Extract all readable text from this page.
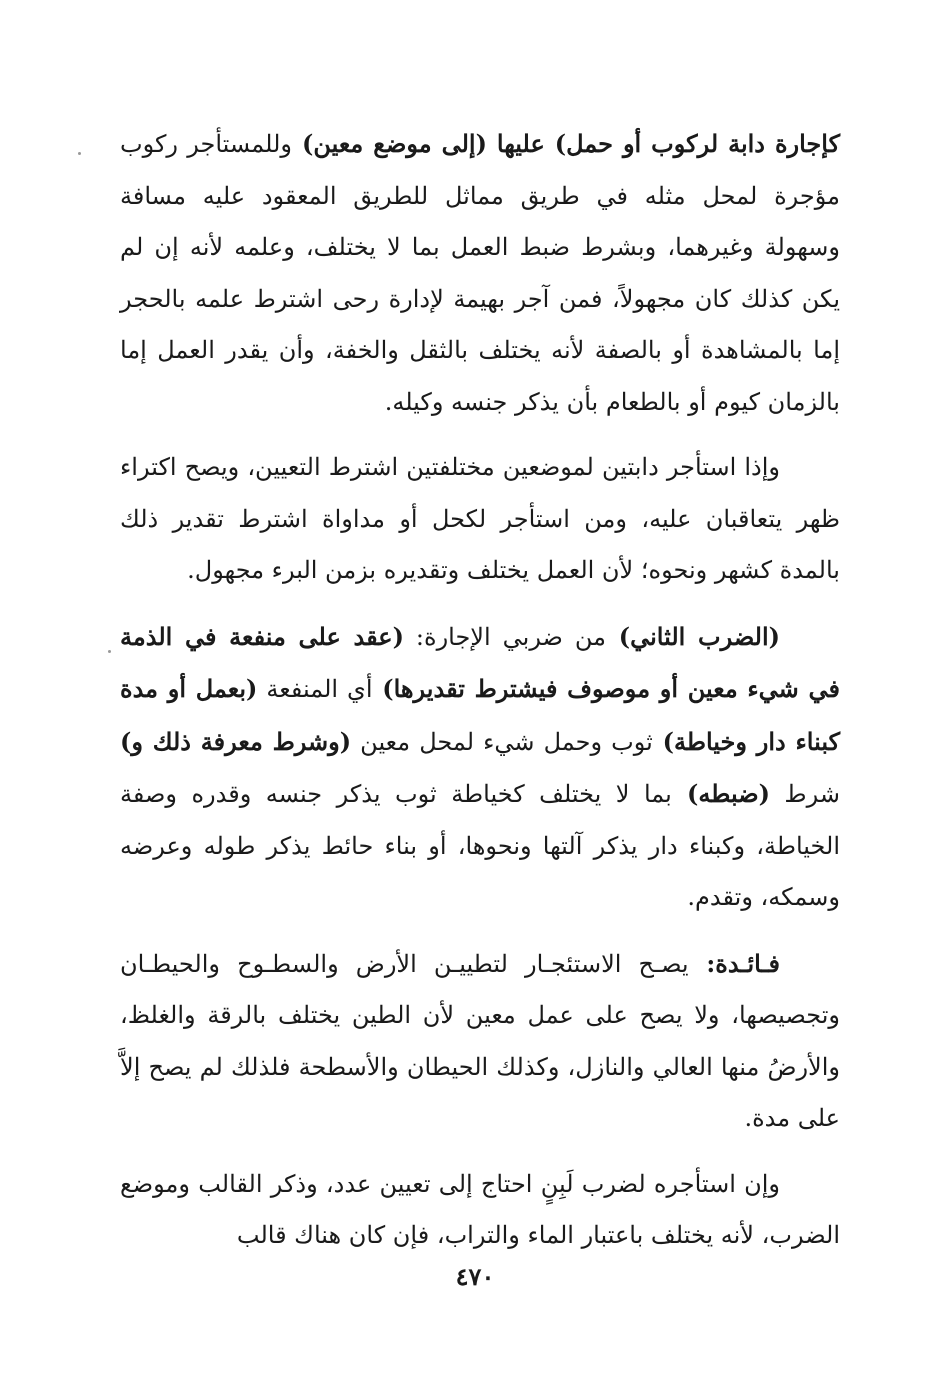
كإجارة دابة لركوب أو حمل) عليها (إلى موضع معين) وللمستأجر ركوب مؤجرة لمحل مثله في طريق مماثل للطريق المعقود عليه مسافة وسهولة وغيرهما، وبشرط ضبط العمل بما لا يختلف، وعلمه لأنه إن لم يكن كذلك كان مجهولاً، فمن آجر بهيمة لإدارة رحى اشترط علمه بالحجر إما بالمشاهدة أو بالصفة لأنه يختلف بالثقل والخفة، وأن يقدر العمل إما بالزمان كيوم أو بالطعام بأن يذكر جنسه وكيله.

وإذا استأجر دابتين لموضعين مختلفتين اشترط التعيين، ويصح اكتراء ظهر يتعاقبان عليه، ومن استأجر لكحل أو مداواة اشترط تقدير ذلك بالمدة كشهر ونحوه؛ لأن العمل يختلف وتقديره بزمن البرء مجهول.

(الضرب الثاني) من ضربي الإجارة: (عقد على منفعة في الذمة في شيء معين أو موصوف فيشترط تقديرها) أي المنفعة (بعمل أو مدة كبناء دار وخياطة) ثوب وحمل شيء لمحل معين (وشرط معرفة ذلك و) شرط (ضبطه) بما لا يختلف كخياطة ثوب يذكر جنسه وقدره وصفة الخياطة، وكبناء دار يذكر آلتها ونحوها، أو بناء حائط يذكر طوله وعرضه وسمكه، وتقدم.

فـائـدة: يصـح الاستئجـار لتطييـن الأرض والسطـوح والحيطـان وتجصيصها، ولا يصح على عمل معين لأن الطين يختلف بالرقة والغلظ، والأرضُ منها العالي والنازل، وكذلك الحيطان والأسطحة فلذلك لم يصح إلاَّ على مدة.

وإن استأجره لضرب لَبِنٍ احتاج إلى تعيين عدد، وذكر القالب وموضع الضرب، لأنه يختلف باعتبار الماء والتراب، فإن كان هناك قالب

٤٧٠
